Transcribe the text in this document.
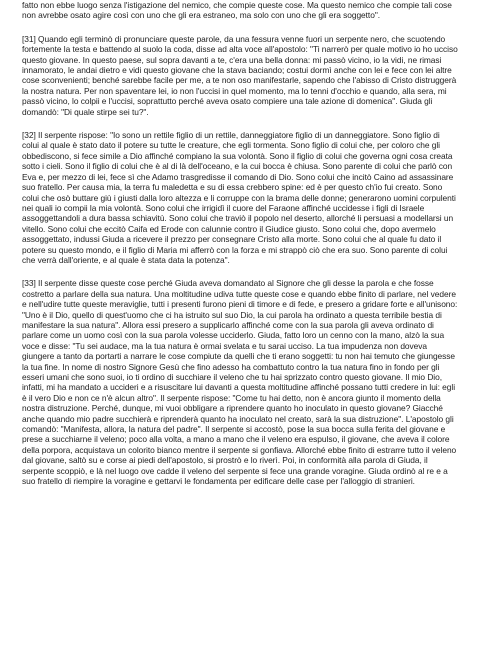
fatto non ebbe luogo senza l'istigazione del nemico, che compie queste cose. Ma questo nemico che compie tali cose non avrebbe osato agire così con uno che gli era estraneo, ma solo con uno che gli era soggetto".

[31] Quando egli terminò di pronunciare queste parole, da una fessura venne fuori un serpente nero, che scuotendo fortemente la testa e battendo al suolo la coda, disse ad alta voce all'apostolo: "Ti narrerò per quale motivo io ho ucciso questo giovane. In questo paese, sul sopra davanti a te, c'era una bella donna: mi passò vicino, io la vidi, ne rimasi innamorato, le andai dietro e vidi questo giovane che la stava baciando; costui dormì anche con lei e fece con lei altre cose sconvenienti; benché sarebbe facile per me, a te non oso manifestarle, sapendo che l'abisso di Cristo distruggerà la nostra natura. Per non spaventare lei, io non l'uccisi in quel momento, ma lo tenni d'occhio e quando, alla sera, mi passò vicino, lo colpii e l'uccisi, soprattutto perché aveva osato compiere una tale azione di domenica". Giuda gli domandò: "Di quale stirpe sei tu?".

[32] Il serpente rispose: "Io sono un rettile figlio di un rettile, danneggiatore figlio di un danneggiatore. Sono figlio di colui al quale è stato dato il potere su tutte le creature, che egli tormenta. Sono figlio di colui che, per coloro che gli obbediscono, si fece simile a Dio affinché compiano la sua volontà. Sono il figlio di colui che governa ogni cosa creata sotto i cieli. Sono il figlio di colui che è al di là dell'oceano, e la cui bocca è chiusa. Sono parente di colui che parlò con Eva e, per mezzo di lei, fece sì che Adamo trasgredisse il comando di Dio. Sono colui che incitò Caino ad assassinare suo fratello. Per causa mia, la terra fu maledetta e su di essa crebbero spine: ed è per questo ch'io fui creato. Sono colui che osò buttare giù i giusti dalla loro altezza e li corruppe con la brama delle donne; generarono uomini corpulenti nei quali io compii la mia volontà. Sono colui che irrigidì il cuore del Faraone affinché uccidesse i figli di Israele assoggettandoli a dura bassa schiavitù. Sono colui che traviò il popolo nel deserto, allorché li persuasi a modellarsi un vitello. Sono colui che eccitò Caifa ed Erode con calunnie contro il Giudice giusto. Sono colui che, dopo avermelo assoggettato, indussi Giuda a ricevere il prezzo per consegnare Cristo alla morte. Sono colui che al quale fu dato il potere su questo mondo, e il figlio di Maria mi afferrò con la forza e mi strappò ciò che era suo. Sono parente di colui che verrà dall'oriente, e al quale è stata data la potenza".

[33] Il serpente disse queste cose perché Giuda aveva domandato al Signore che gli desse la parola e che fosse costretto a parlare della sua natura. Una moltitudine udiva tutte queste cose e quando ebbe finito di parlare, nel vedere e nell'udire tutte queste meraviglie, tutti i presenti furono pieni di timore e di fede, e presero a gridare forte e all'unisono: "Uno è il Dio, quello di quest'uomo che ci ha istruito sul suo Dio, la cui parola ha ordinato a questa terribile bestia di manifestare la sua natura". Allora essi presero a supplicarlo affinché come con la sua parola gli aveva ordinato di parlare come un uomo così con la sua parola volesse ucciderlo. Giuda, fatto loro un cenno con la mano, alzò la sua voce e disse: "Tu sei audace, ma la tua natura è ormai svelata e tu sarai ucciso. La tua impudenza non doveva giungere a tanto da portarti a narrare le cose compiute da quelli che ti erano soggetti: tu non hai temuto che giungesse la tua fine. In nome di nostro Signore Gesù che fino adesso ha combattuto contro la tua natura fino in fondo per gli esseri umani che sono suoi, io ti ordino di succhiare il veleno che tu hai sprizzato contro questo giovane. Il mio Dio, infatti, mi ha mandato a uccideri e a risuscitare lui davanti a questa moltitudine affinché possano tutti credere in lui: egli è il vero Dio e non ce n'è alcun altro". Il serpente rispose: "Come tu hai detto, non è ancora giunto il momento della nostra distruzione. Perché, dunque, mi vuoi obbligare a riprendere quanto ho inoculato in questo giovane? Giacché anche quando mio padre succhierà e riprenderà quanto ha inoculato nel creato, sarà la sua distruzione". L'apostolo gli comandò: "Manifesta, allora, la natura del padre". Il serpente si accostò, pose la sua bocca sulla ferita del giovane e prese a succhiarne il veleno; poco alla volta, a mano a mano che il veleno era espulso, il giovane, che aveva il colore della porpora, acquistava un colorito bianco mentre il serpente si gonfiava. Allorché ebbe finito di estrarre tutto il veleno dal giovane, saltò su e corse ai piedi dell'apostolo, si prostrò e lo riverì. Poi, in conformità alla parola di Giuda, il serpente scoppiò, e là nel luogo ove cadde il veleno del serpente si fece una grande voragine. Giuda ordinò al re e a suo fratello di riempire la voragine e gettarvi le fondamenta per edificare delle case per l'alloggio di stranieri.
